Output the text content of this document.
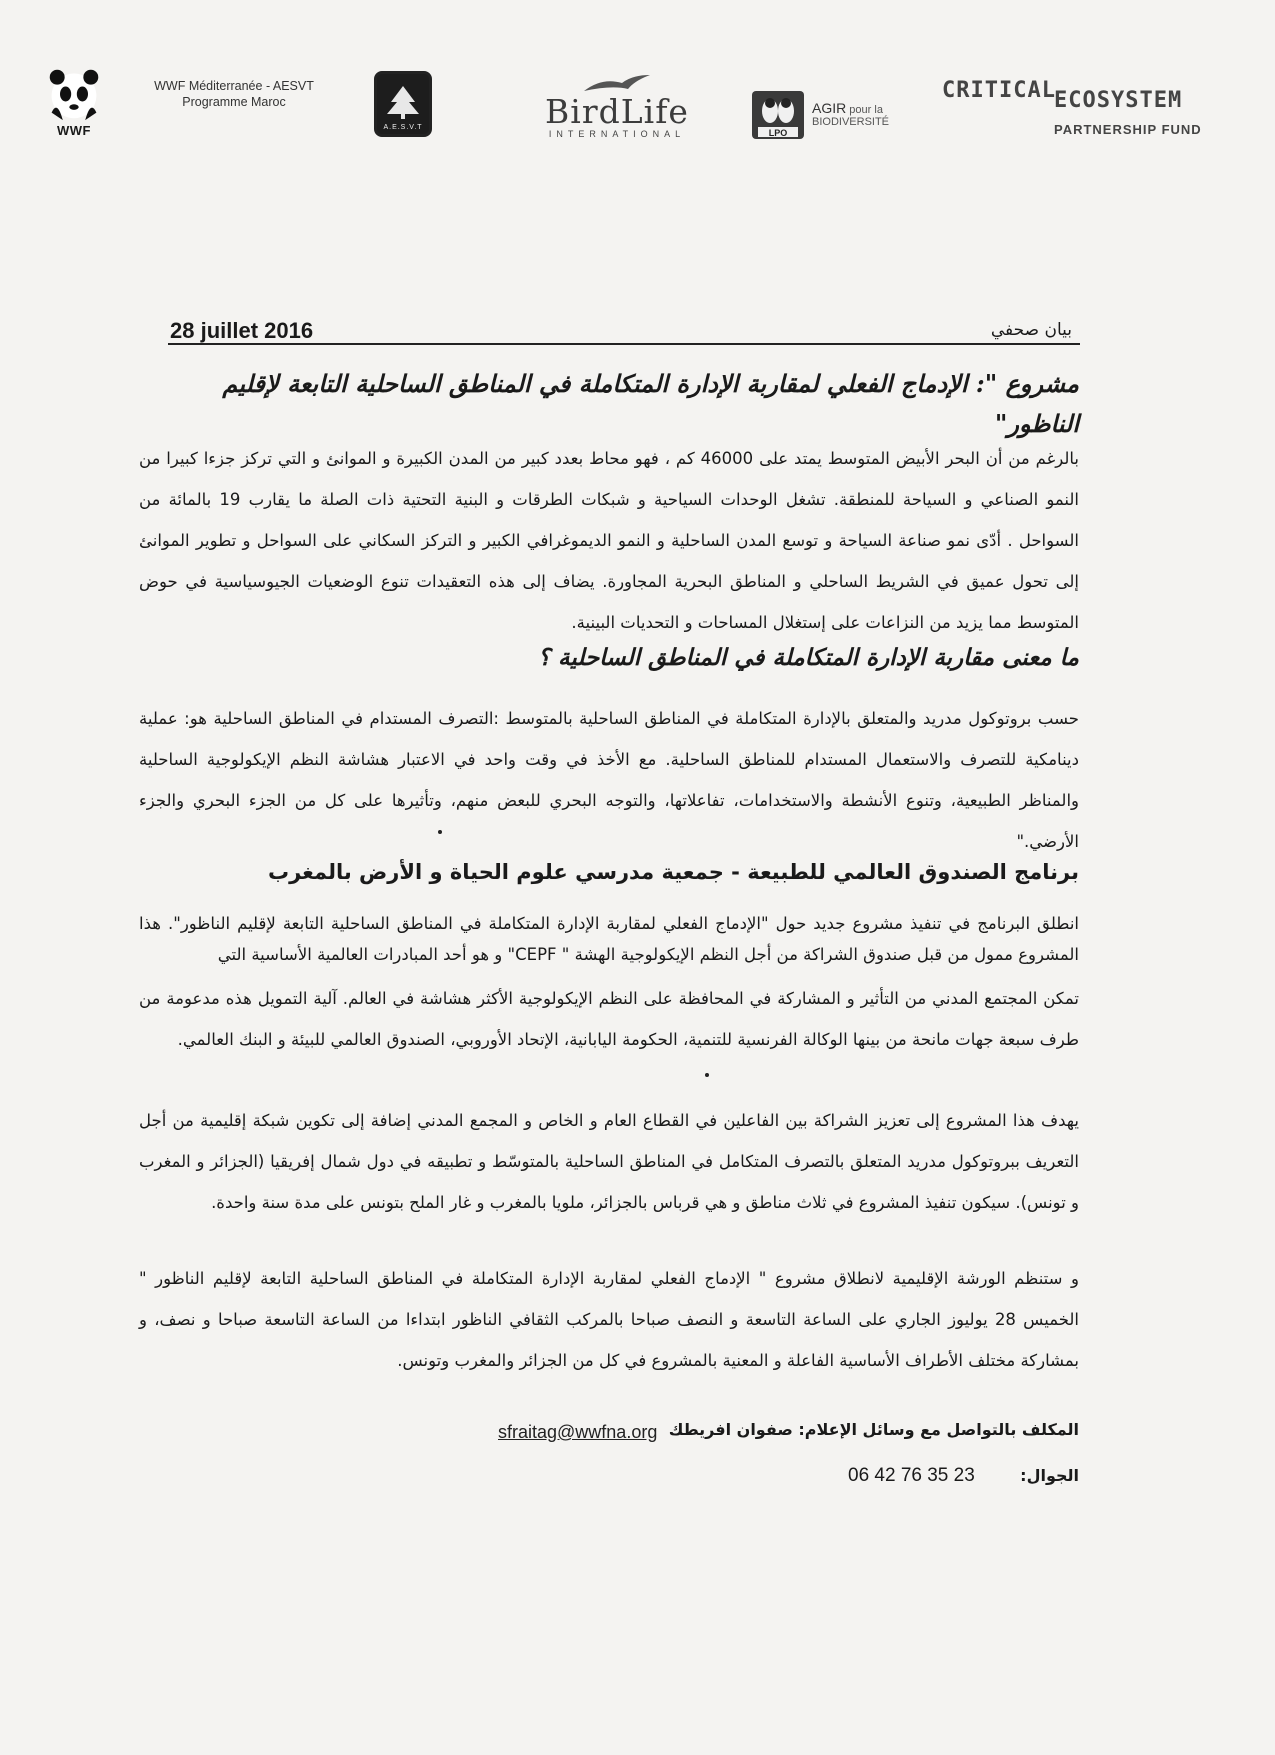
WWF
WWF Méditerranée - AESVT
Programme Maroc
A.E.S.V.T	BirdLife
INTERNATIONAL	LPO
AGIR pour la
BIODIVERSITÉ
CRITICAL
ECOSYSTEM
PARTNERSHIP FUND
28 juillet 2016	بيان صحفي
مشروع ": الإدماج الفعلي لمقاربة الإدارة المتكاملة في المناطق الساحلية التابعة لإقليم الناظور"
بالرغم من أن البحر الأبيض المتوسط يمتد على 46000 كم ، فهو محاط بعدد كبير من المدن الكبيرة و الموانئ و التي تركز جزءا كبيرا من النمو الصناعي و السياحة للمنطقة. تشغل الوحدات السياحية و شبكات الطرقات و البنية التحتية ذات الصلة ما يقارب 19 بالمائة من السواحل . أدّى نمو صناعة السياحة و توسع المدن الساحلية و النمو الديموغرافي الكبير و التركز السكاني على السواحل و تطوير الموانئ إلى تحول عميق في الشريط الساحلي و المناطق البحرية المجاورة. يضاف إلى هذه التعقيدات تنوع الوضعيات الجيوسياسية في حوض المتوسط مما يزيد من النزاعات على إستغلال المساحات و التحديات البينية.
ما معنى مقاربة الإدارة المتكاملة في المناطق الساحلية ؟
حسب بروتوكول مدريد والمتعلق بالإدارة المتكاملة في المناطق الساحلية بالمتوسط :التصرف المستدام في المناطق الساحلية هو: عملية دينامكية للتصرف والاستعمال المستدام للمناطق الساحلية. مع الأخذ في وقت واحد في الاعتبار هشاشة النظم الإيكولوجية الساحلية والمناظر الطبيعية، وتنوع الأنشطة والاستخدامات، تفاعلاتها، والتوجه البحري للبعض منهم، وتأثيرها على كل من الجزء البحري والجزء الأرضي."
برنامج الصندوق العالمي للطبيعة - جمعية مدرسي علوم الحياة و الأرض بالمغرب
انطلق البرنامج في تنفيذ مشروع جديد حول "الإدماج الفعلي لمقاربة الإدارة المتكاملة في المناطق الساحلية التابعة لإقليم الناظور". هذا المشروع ممول من قبل صندوق الشراكة من أجل النظم الإيكولوجية الهشة " CEPF" و هو أحد المبادرات العالمية الأساسية التي
تمكن المجتمع المدني من التأثير و المشاركة في المحافظة على النظم الإيكولوجية الأكثر هشاشة في العالم. آلية التمويل هذه مدعومة من طرف سبعة جهات مانحة من بينها الوكالة الفرنسية للتنمية، الحكومة اليابانية، الإتحاد الأوروبي، الصندوق العالمي للبيئة و البنك العالمي.
يهدف هذا المشروع إلى تعزيز الشراكة بين الفاعلين في القطاع العام و الخاص و المجمع المدني إضافة إلى تكوين شبكة إقليمية من أجل التعريف ببروتوكول مدريد المتعلق بالتصرف المتكامل في المناطق الساحلية بالمتوسّط و تطبيقه في دول شمال إفريقيا (الجزائر و المغرب و تونس). سيكون تنفيذ المشروع في ثلاث مناطق و هي قرباس بالجزائر، ملويا بالمغرب و غار الملح بتونس على مدة سنة واحدة.
و ستنظم الورشة الإقليمية لانطلاق مشروع " الإدماج الفعلي لمقاربة الإدارة المتكاملة في المناطق الساحلية التابعة لإقليم الناظور " الخميس 28 يوليوز الجاري على الساعة التاسعة و النصف صباحا بالمركب الثقافي الناظور ابتداءا من الساعة التاسعة صباحا و نصف، و بمشاركة مختلف الأطراف الأساسية الفاعلة و المعنية بالمشروع في كل من الجزائر والمغرب وتونس.
المكلف بالتواصل مع وسائل الإعلام: صفوان افريطك
sfraitag@wwfna.org
الجوال:
06 42 76 35 23
